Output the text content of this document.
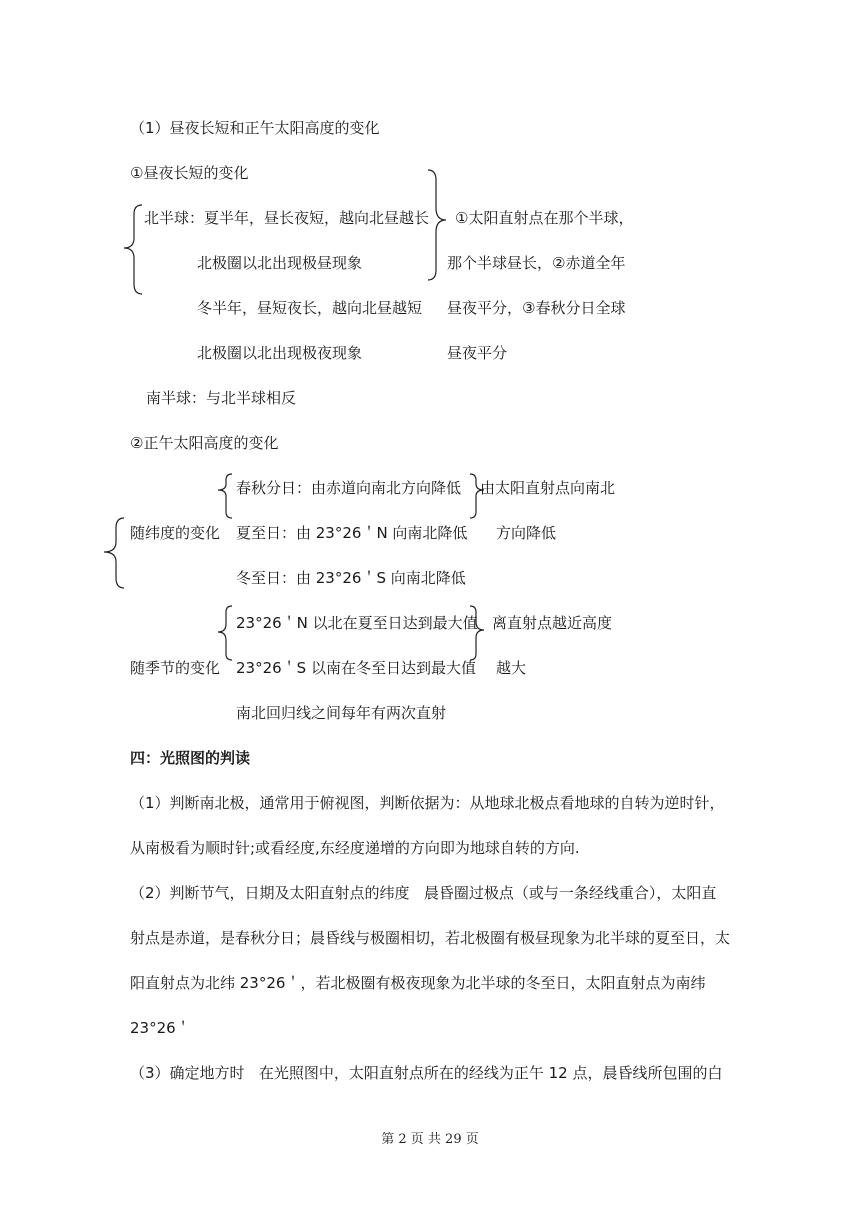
（1）昼夜长短和正午太阳高度的变化
①昼夜长短的变化
北半球：夏半年，昼长夜短，越向北昼越长 ①太阳直射点在那个半球，
北极圈以北出现极昼现象	那个半球昼长，②赤道全年
冬半年，昼短夜长，越向北昼越短 昼夜平分，③春秋分日全球
北极圈以北出现极夜现象	昼夜平分
南半球：与北半球相反
②正午太阳高度的变化
春秋分日：由赤道向南北方向降低 由太阳直射点向南北
随纬度的变化 夏至日：由 23°26＇N 向南北降低 方向降低
冬至日：由 23°26＇S 向南北降低
23°26＇N 以北在夏至日达到最大值 离直射点越近高度
随季节的变化 23°26＇S 以南在冬至日达到最大值 越大
南北回归线之间每年有两次直射
四：光照图的判读
（1）判断南北极，通常用于俯视图，判断依据为：从地球北极点看地球的自转为逆时针，
从南极看为顺时针;或看经度,东经度递增的方向即为地球自转的方向.
（2）判断节气，日期及太阳直射点的纬度   晨昏圈过极点（或与一条经线重合），太阳直
射点是赤道，是春秋分日；晨昏线与极圈相切，若北极圈有极昼现象为北半球的夏至日，太
阳直射点为北纬 23°26＇，若北极圈有极夜现象为北半球的冬至日，太阳直射点为南纬
23°26＇
（3）确定地方时   在光照图中，太阳直射点所在的经线为正午 12 点，晨昏线所包围的白
第 2 页 共 29 页
